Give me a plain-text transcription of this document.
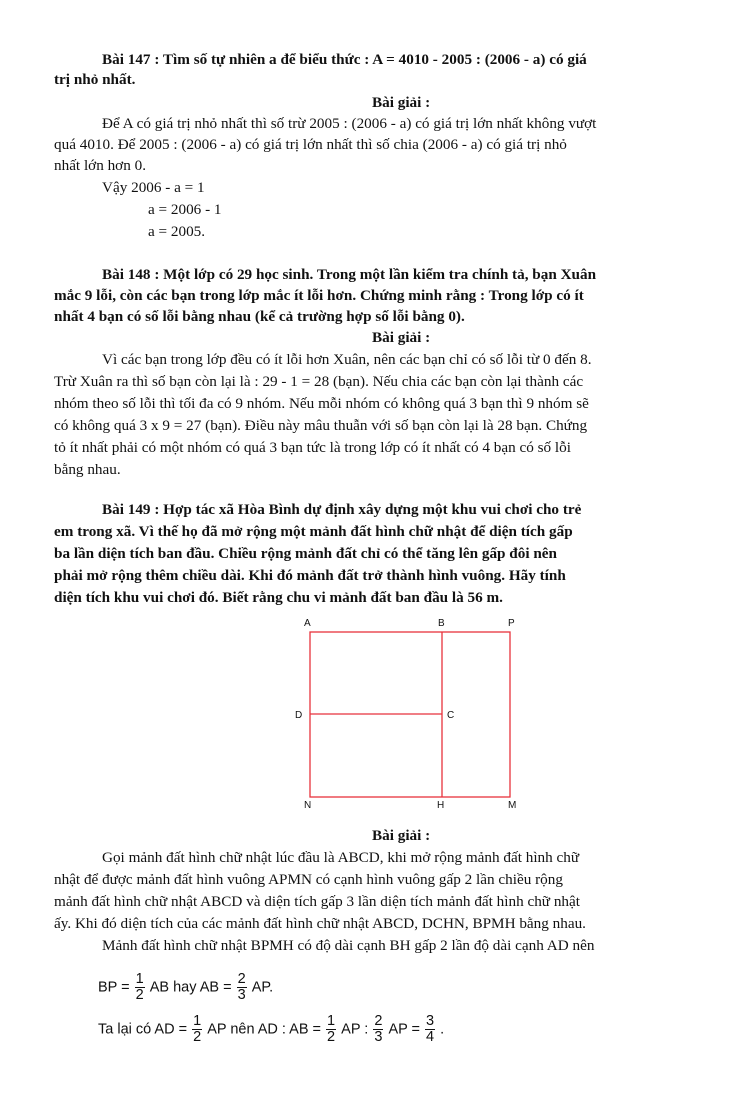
Bài 147 : Tìm số tự nhiên a để biểu thức : A = 4010 - 2005 : (2006 - a) có giá
trị nhỏ nhất.
Bài giải :
Để A có giá trị nhỏ nhất thì số trừ 2005 : (2006 - a) có giá trị lớn nhất không vượt
quá 4010. Để 2005 : (2006 - a) có giá trị lớn nhất thì số chia (2006 - a) có giá trị nhỏ
nhất lớn hơn 0.
Vậy 2006 - a = 1
a = 2006 - 1
a = 2005.
Bài 148 : Một lớp có 29 học sinh. Trong một lần kiểm tra chính tả, bạn Xuân
mắc 9 lỗi, còn các bạn trong lớp mắc ít lỗi hơn. Chứng minh rằng : Trong lớp có ít
nhất 4 bạn có số lỗi bằng nhau (kể cả trường hợp số lỗi bằng 0).
Bài giải :
Vì các bạn trong lớp đều có ít lỗi hơn Xuân, nên các bạn chỉ có số lỗi từ 0 đến 8.
Trừ Xuân ra thì số bạn còn lại là : 29 - 1 = 28 (bạn). Nếu chia các bạn còn lại thành các
nhóm theo số lỗi thì tối đa có 9 nhóm. Nếu mỗi nhóm có không quá 3 bạn thì 9 nhóm sẽ
có không quá 3 x 9 = 27 (bạn). Điều này mâu thuẫn với số bạn còn lại là 28 bạn. Chứng
tỏ ít nhất phải có một nhóm có quá 3 bạn tức là trong lớp có ít nhất có 4 bạn có số lỗi
bằng nhau.
Bài 149 : Hợp tác xã Hòa Bình dự định xây dựng một khu vui chơi cho trẻ
em trong xã. Vì thế họ đã mở rộng một mảnh đất hình chữ nhật để diện tích gấp
ba lần diện tích ban đầu. Chiều rộng mảnh đất chỉ có thể tăng lên gấp đôi nên
phải mở rộng thêm chiều dài. Khi đó mảnh đất trở thành hình vuông. Hãy tính
diện tích khu vui chơi đó. Biết rằng chu vi mảnh đất ban đầu là 56 m.
A	B	P
D	C
N	H	M
Bài giải :
Gọi mảnh đất hình chữ nhật lúc đầu là ABCD, khi mở rộng mảnh đất hình chữ
nhật để được mảnh đất hình vuông APMN có cạnh hình vuông gấp 2 lần chiều rộng
mảnh đất hình chữ nhật ABCD và diện tích gấp 3 lần diện tích mảnh đất hình chữ nhật
ấy. Khi đó diện tích của các mảnh đất hình chữ nhật ABCD, DCHN, BPMH bằng nhau.
Mảnh đất hình chữ nhật BPMH có độ dài cạnh BH gấp 2 lần độ dài cạnh AD nên
BP = $\frac{1}{2}$ AB hay AB = $\frac{2}{3}$ AP.
Ta lại có AD = $\frac{1}{2}$ AP nên AD : AB = $\frac{1}{2}$ AP : $\frac{2}{3}$ AP = $\frac{3}{4}$ .
